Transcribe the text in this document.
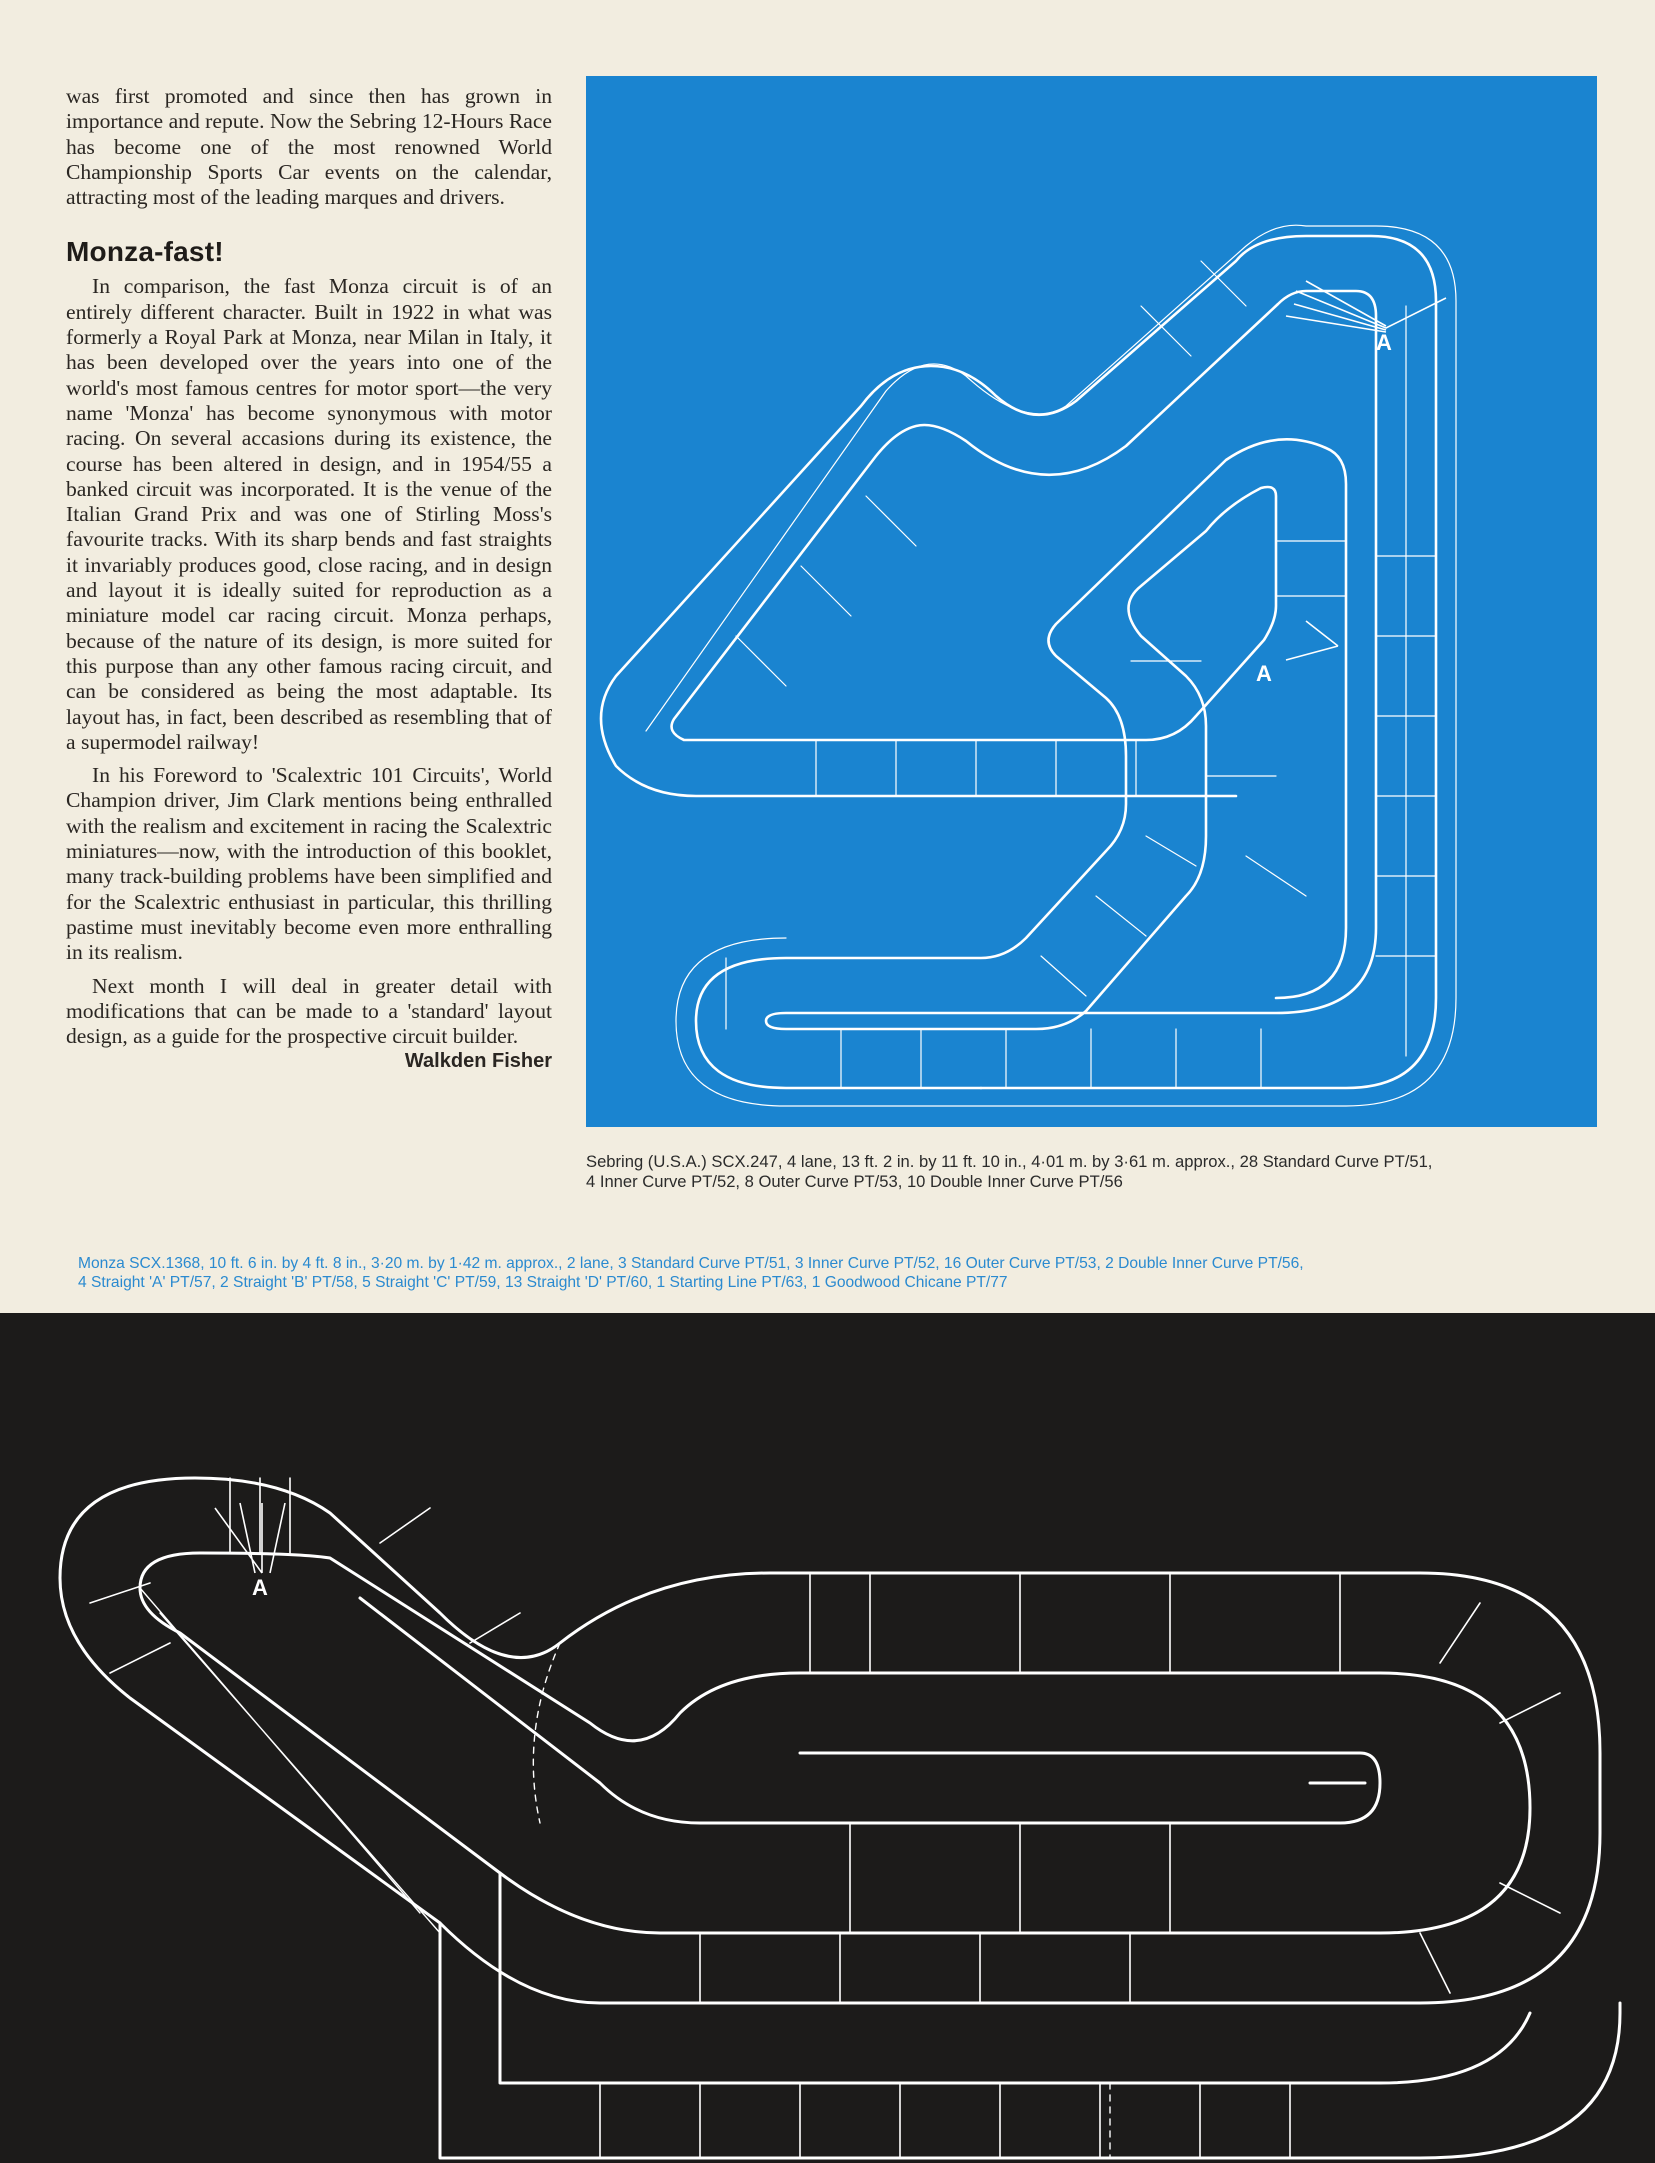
was first promoted and since then has grown in importance and repute. Now the Sebring 12-Hours Race has become one of the most renowned World Championship Sports Car events on the calendar, attracting most of the leading marques and drivers.

Monza-fast!

In comparison, the fast Monza circuit is of an entirely different character. Built in 1922 in what was formerly a Royal Park at Monza, near Milan in Italy, it has been developed over the years into one of the world's most famous centres for motor sport—the very name 'Monza' has become synonymous with motor racing. On several accasions during its existence, the course has been altered in design, and in 1954/55 a banked circuit was incorporated. It is the venue of the Italian Grand Prix and was one of Stirling Moss's favourite tracks. With its sharp bends and fast straights it invariably produces good, close racing, and in design and layout it is ideally suited for reproduction as a miniature model car racing circuit. Monza perhaps, because of the nature of its design, is more suited for this purpose than any other famous racing circuit, and can be considered as being the most adaptable. Its layout has, in fact, been described as resembling that of a supermodel railway!

In his Foreword to 'Scalextric 101 Circuits', World Champion driver, Jim Clark mentions being enthralled with the realism and excitement in racing the Scalextric miniatures—now, with the introduction of this booklet, many track-building problems have been simplified and for the Scalextric enthusiast in particular, this thrilling pastime must inevitably become even more enthralling in its realism.

Next month I will deal in greater detail with modifications that can be made to a 'standard' layout design, as a guide for the prospective circuit builder.

Walkden Fisher
A
A
Sebring (U.S.A.) SCX.247, 4 lane, 13 ft. 2 in. by 11 ft. 10 in., 4·01 m. by 3·61 m. approx., 28 Standard Curve PT/51,
4 Inner Curve PT/52, 8 Outer Curve PT/53, 10 Double Inner Curve PT/56
Monza SCX.1368, 10 ft. 6 in. by 4 ft. 8 in., 3·20 m. by 1·42 m. approx., 2 lane, 3 Standard Curve PT/51, 3 Inner Curve PT/52, 16 Outer Curve PT/53, 2 Double Inner Curve PT/56,
4 Straight 'A' PT/57, 2 Straight 'B' PT/58, 5 Straight 'C' PT/59, 13 Straight 'D' PT/60, 1 Starting Line PT/63, 1 Goodwood Chicane PT/77
A
